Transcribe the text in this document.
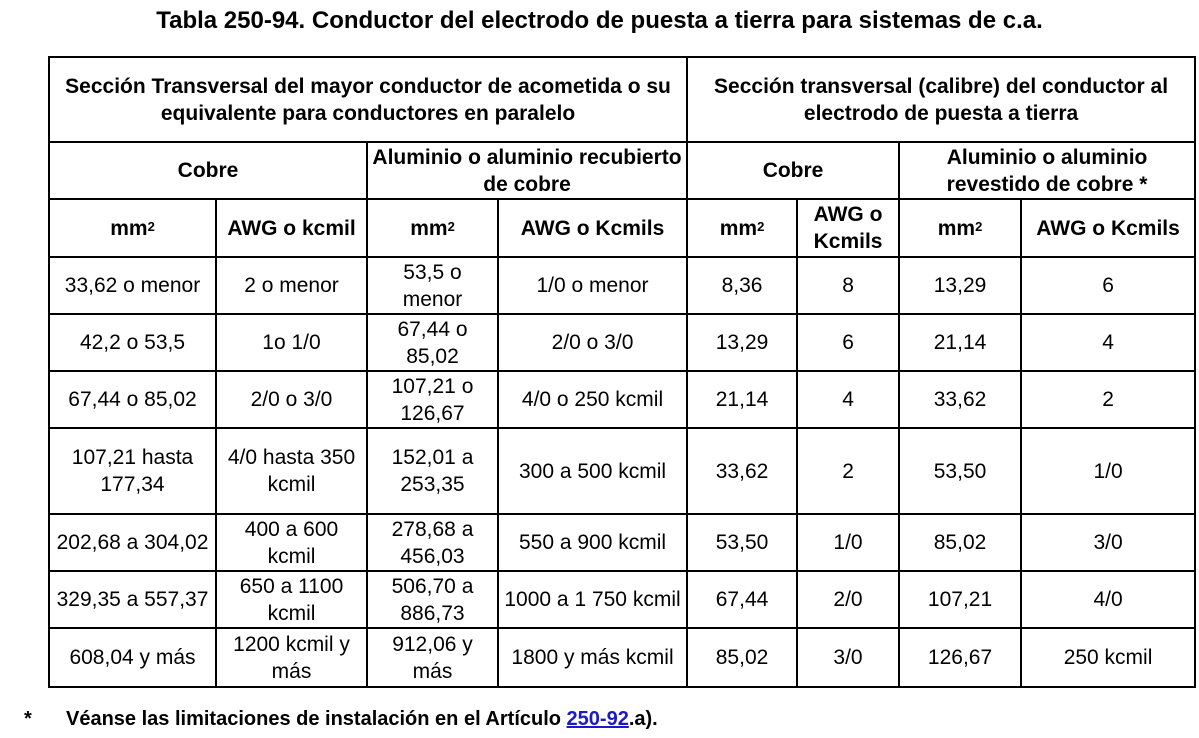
Tabla 250-94. Conductor del electrodo de puesta a tierra para sistemas de c.a.
Sección Transversal del mayor conductor de acometida o su equivalente para conductores en paralelo				Sección transversal (calibre) del conductor al electrodo de puesta a tierra			
Cobre		Aluminio o aluminio recubierto de cobre		Cobre		Aluminio o aluminio revestido de cobre *	
$mm^2$	AWG o kcmil	$mm^2$	AWG o Kcmils	$mm^2$	AWG o Kcmils	$mm^2$	AWG o Kcmils
33,62 o menor	2 o menor	53,5 o menor	1/0 o menor	8,36	8	13,29	6
42,2 o 53,5	1o 1/0	67,44 o 85,02	2/0 o 3/0	13,29	6	21,14	4
67,44 o 85,02	2/0 o 3/0	107,21 o 126,67	4/0 o 250 kcmil	21,14	4	33,62	2
107,21 hasta 177,34	4/0 hasta 350 kcmil	152,01 a 253,35	300 a 500 kcmil	33,62	2	53,50	1/0
202,68 a 304,02	400 a 600 kcmil	278,68 a 456,03	550 a 900 kcmil	53,50	1/0	85,02	3/0
329,35 a 557,37	650 a 1100 kcmil	506,70 a 886,73	1000 a 1 750 kcmil	67,44	2/0	107,21	4/0
608,04 y más	1200 kcmil y más	912,06 y más	1800 y más kcmil	85,02	3/0	126,67	250 kcmil
* Véanse las limitaciones de instalación en el Artículo 250-92.a).
